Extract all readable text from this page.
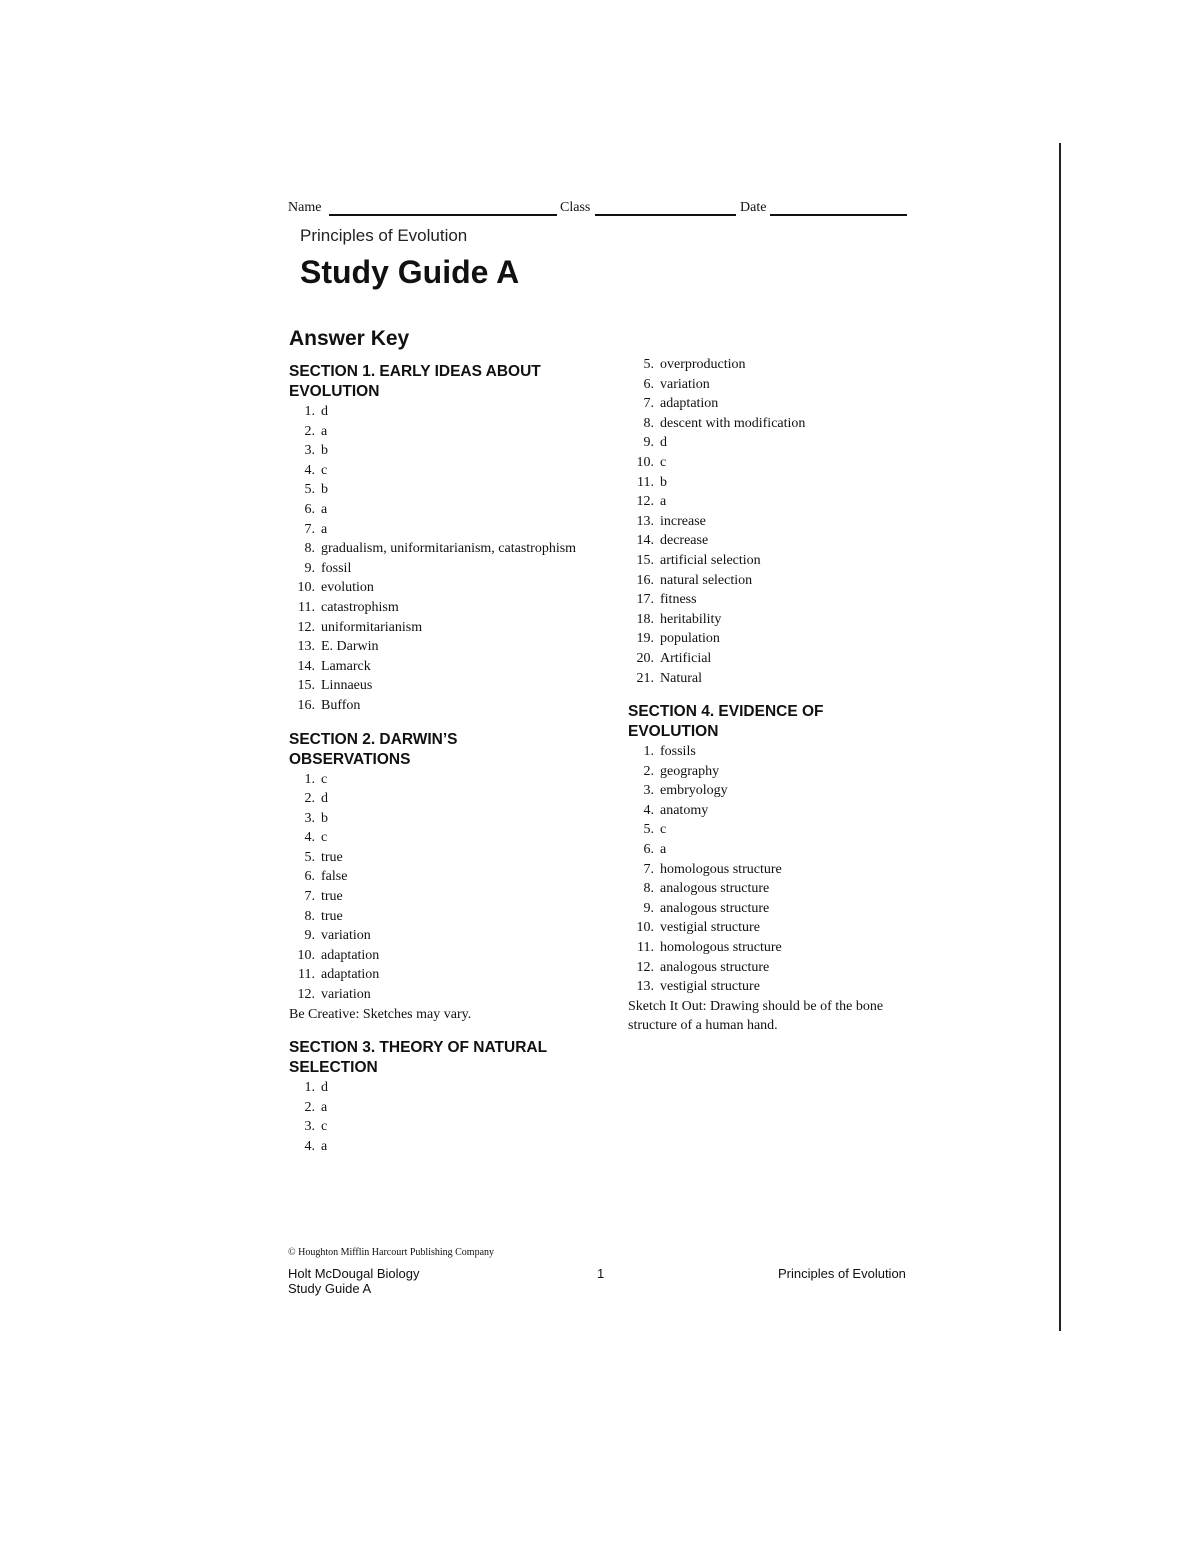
Name	Class	Date
Principles of Evolution
Study Guide A
Answer Key
SECTION 1. EARLY IDEAS ABOUT EVOLUTION
1. d
2. a
3. b
4. c
5. b
6. a
7. a
8. gradualism, uniformitarianism, catastrophism
9. fossil
10. evolution
11. catastrophism
12. uniformitarianism
13. E. Darwin
14. Lamarck
15. Linnaeus
16. Buffon
SECTION 2. DARWIN’S OBSERVATIONS
1. c
2. d
3. b
4. c
5. true
6. false
7. true
8. true
9. variation
10. adaptation
11. adaptation
12. variation
Be Creative: Sketches may vary.
SECTION 3. THEORY OF NATURAL SELECTION
1. d
2. a
3. c
4. a
5. overproduction
6. variation
7. adaptation
8. descent with modification
9. d
10. c
11. b
12. a
13. increase
14. decrease
15. artificial selection
16. natural selection
17. fitness
18. heritability
19. population
20. Artificial
21. Natural
SECTION 4. EVIDENCE OF EVOLUTION
1. fossils
2. geography
3. embryology
4. anatomy
5. c
6. a
7. homologous structure
8. analogous structure
9. analogous structure
10. vestigial structure
11. homologous structure
12. analogous structure
13. vestigial structure
Sketch It Out: Drawing should be of the bone structure of a human hand.
© Houghton Mifflin Harcourt Publishing Company
Holt McDougal Biology
Study Guide A
1	Principles of Evolution
